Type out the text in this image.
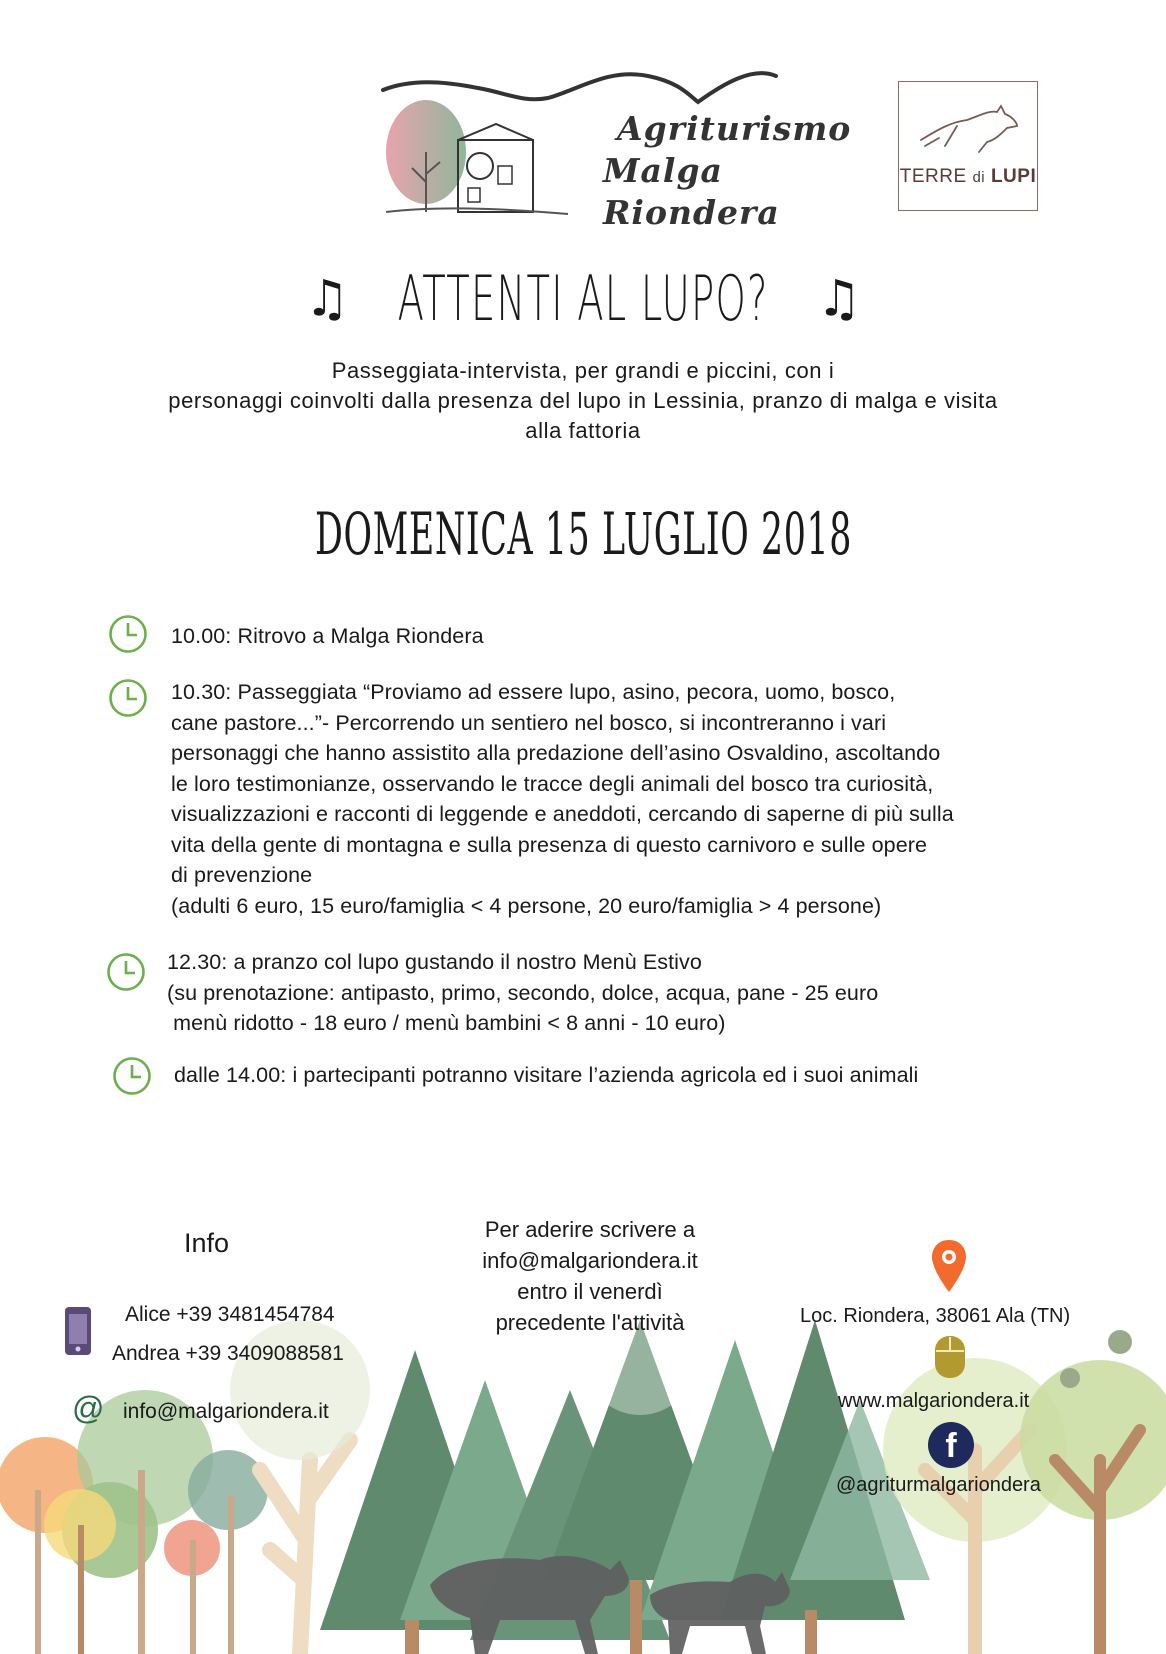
Agriturismo
Malga Riondera
TERRE di LUPI
♫ ATTENTI AL LUPO? ♫
Passeggiata-intervista, per grandi e piccini, con i
personaggi coinvolti dalla presenza del lupo in Lessinia, pranzo di malga e visita
alla fattoria
DOMENICA 15 LUGLIO 2018
10.00: Ritrovo a Malga Riondera
10.30: Passeggiata “Proviamo ad essere lupo, asino, pecora, uomo, bosco,
cane pastore...”- Percorrendo un sentiero nel bosco, si incontreranno i vari
personaggi che hanno assistito alla predazione dell’asino Osvaldino, ascoltando
le loro testimonianze, osservando le tracce degli animali del bosco tra curiosità,
visualizzazioni e racconti di leggende e aneddoti, cercando di saperne di più sulla
vita della gente di montagna e sulla presenza di questo carnivoro e sulle opere
di prevenzione
(adulti 6 euro, 15 euro/famiglia < 4 persone, 20 euro/famiglia > 4 persone)
12.30: a pranzo col lupo gustando il nostro Menù Estivo
(su prenotazione: antipasto, primo, secondo, dolce, acqua, pane - 25 euro
menù ridotto - 18 euro / menù bambini < 8 anni - 10 euro)
dalle 14.00: i partecipanti potranno visitare l’azienda agricola ed i suoi animali
Info
Alice +39 3481454784
Andrea +39 3409088581
@ info@malgariondera.it
Per aderire scrivere a
info@malgariondera.it
entro il venerdì
precedente l'attività	Loc. Riondera, 38061 Ala (TN)
www.malgariondera.it
f
@agriturmalgariondera
